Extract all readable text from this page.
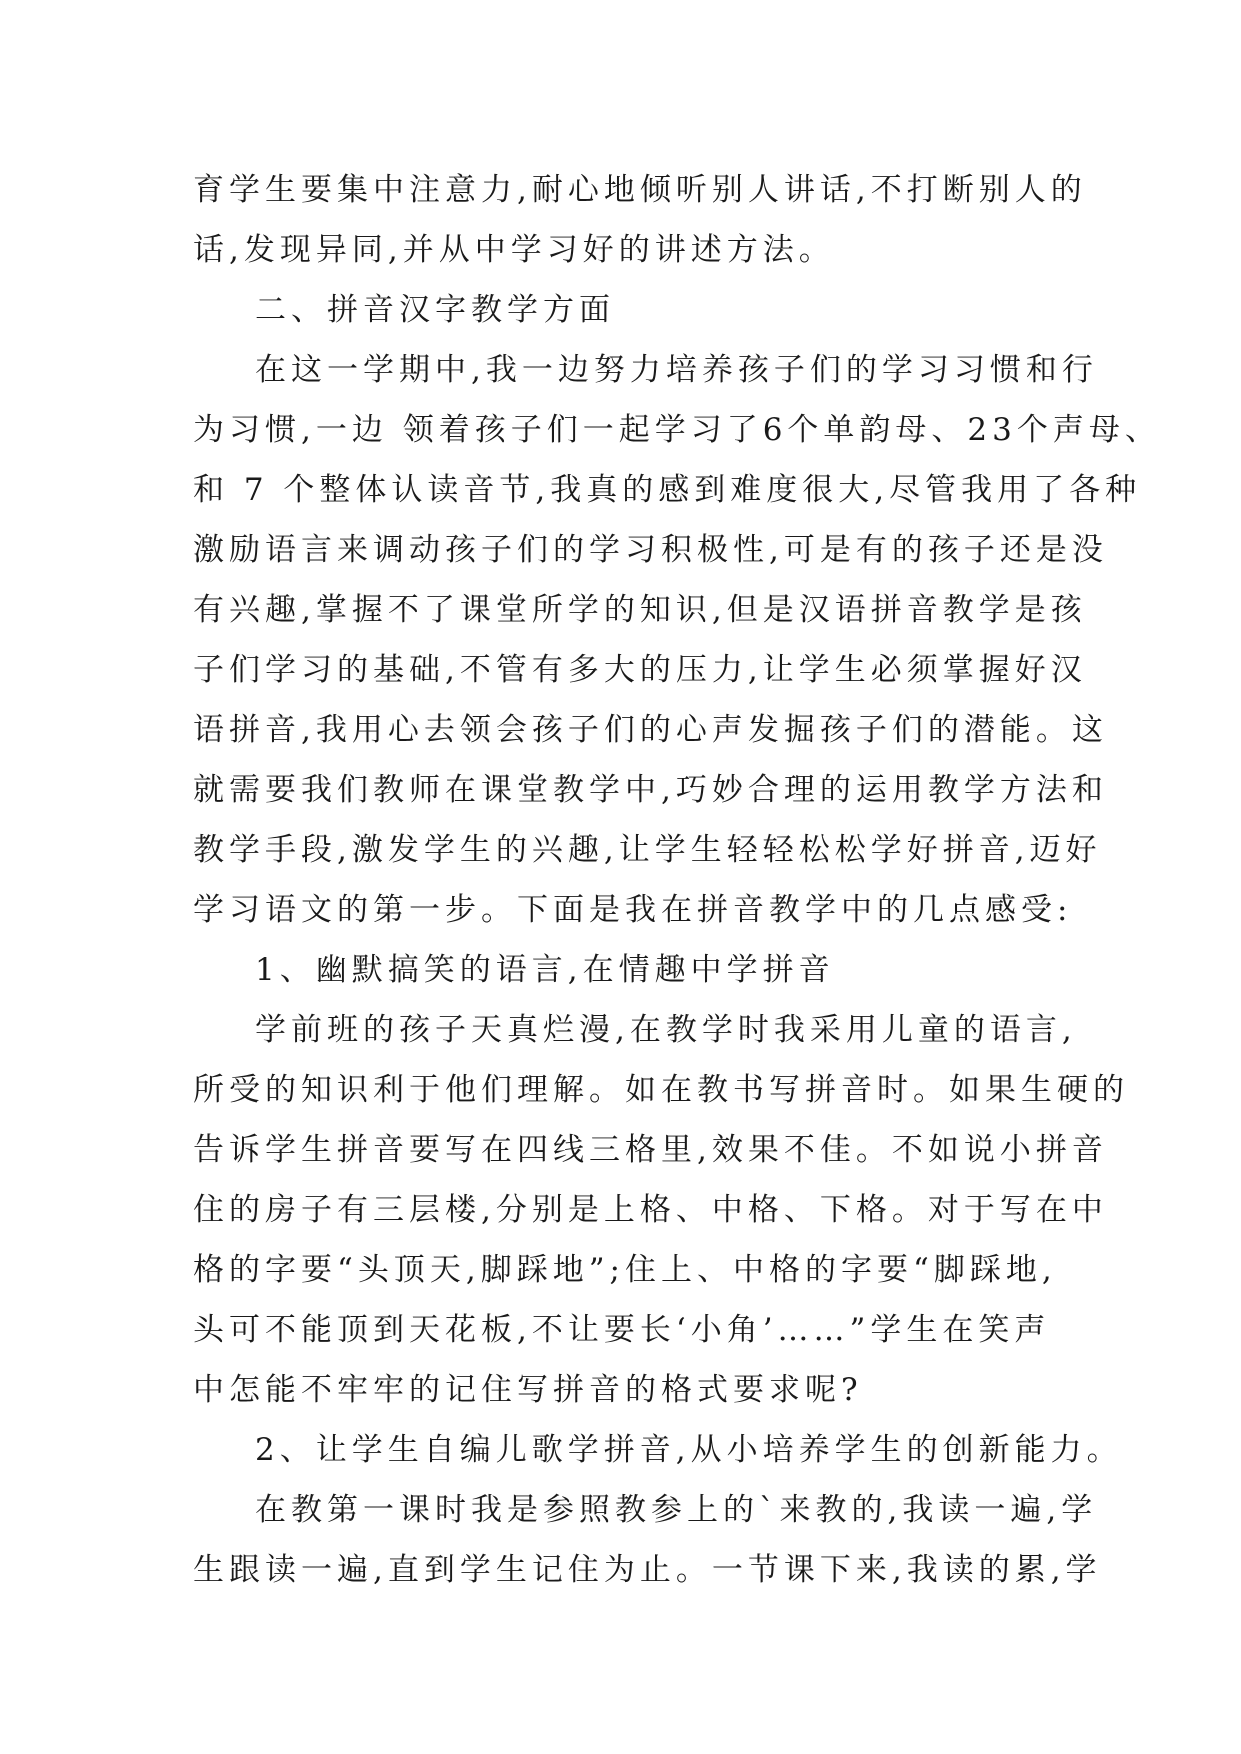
育学生要集中注意力,耐心地倾听别人讲话,不打断别人的
话,发现异同,并从中学习好的讲述方法。
二、拼音汉字教学方面
在这一学期中,我一边努力培养孩子们的学习习惯和行
为习惯,一边 领着孩子们一起学习了6个单韵母、23个声母、
和 7 个整体认读音节,我真的感到难度很大,尽管我用了各种
激励语言来调动孩子们的学习积极性,可是有的孩子还是没
有兴趣,掌握不了课堂所学的知识,但是汉语拼音教学是孩
子们学习的基础,不管有多大的压力,让学生必须掌握好汉
语拼音,我用心去领会孩子们的心声发掘孩子们的潜能。这
就需要我们教师在课堂教学中,巧妙合理的运用教学方法和
教学手段,激发学生的兴趣,让学生轻轻松松学好拼音,迈好
学习语文的第一步。下面是我在拼音教学中的几点感受:
1、幽默搞笑的语言,在情趣中学拼音
学前班的孩子天真烂漫,在教学时我采用儿童的语言,
所受的知识利于他们理解。如在教书写拼音时。如果生硬的
告诉学生拼音要写在四线三格里,效果不佳。不如说小拼音
住的房子有三层楼,分别是上格、中格、下格。对于写在中
格的字要“头顶天,脚踩地”;住上、中格的字要“脚踩地,
头可不能顶到天花板,不让要长‘小角’……”学生在笑声
中怎能不牢牢的记住写拼音的格式要求呢?
2、让学生自编儿歌学拼音,从小培养学生的创新能力。
在教第一课时我是参照教参上的`来教的,我读一遍,学
生跟读一遍,直到学生记住为止。一节课下来,我读的累,学
